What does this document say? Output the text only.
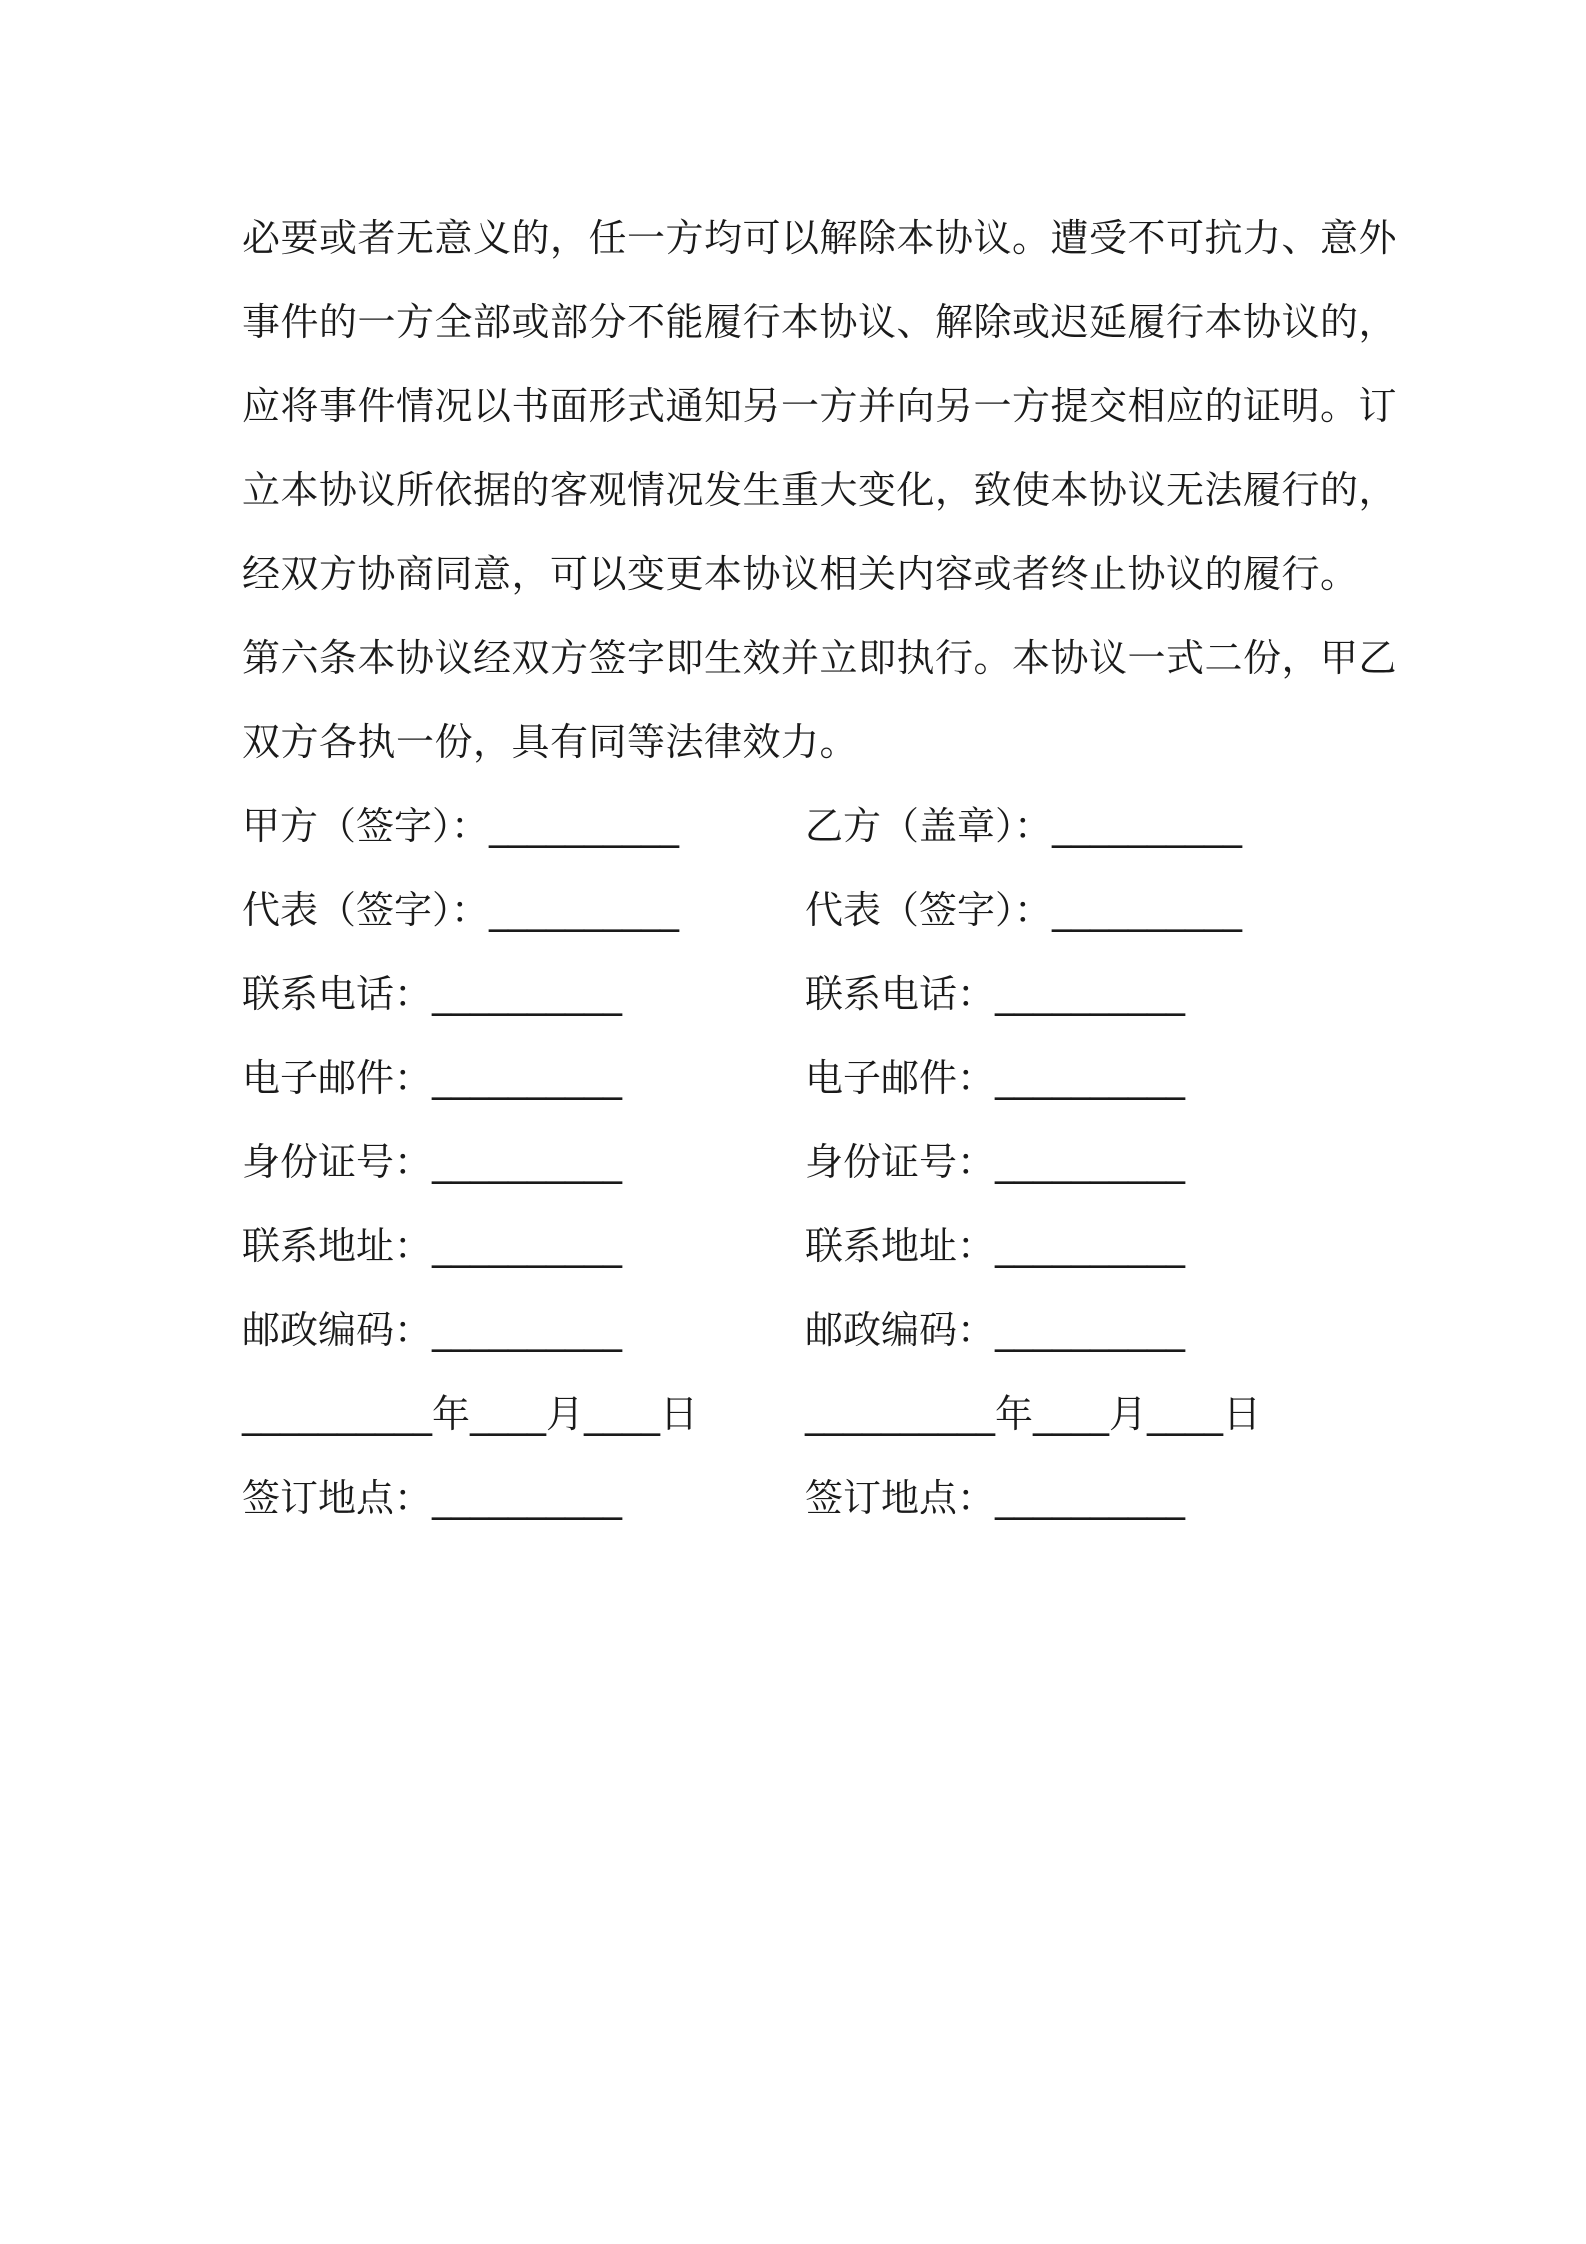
必要或者无意义的，任一方均可以解除本协议。遭受不可抗力、意外
事件的一方全部或部分不能履行本协议、解除或迟延履行本协议的，
应将事件情况以书面形式通知另一方并向另一方提交相应的证明。订
立本协议所依据的客观情况发生重大变化，致使本协议无法履行的，
经双方协商同意，可以变更本协议相关内容或者终止协议的履行。
第六条本协议经双方签字即生效并立即执行。本协议一式二份，甲乙
双方各执一份，具有同等法律效力。
甲方（签字）：__________	乙方（盖章）：__________
代表（签字）：__________	代表（签字）：__________
联系电话：__________	联系电话：__________
电子邮件：__________	电子邮件：__________
身份证号：__________	身份证号：__________
联系地址：__________	联系地址：__________
邮政编码：__________	邮政编码：__________
__________年____月____日	__________年____月____日
签订地点：__________	签订地点：__________
